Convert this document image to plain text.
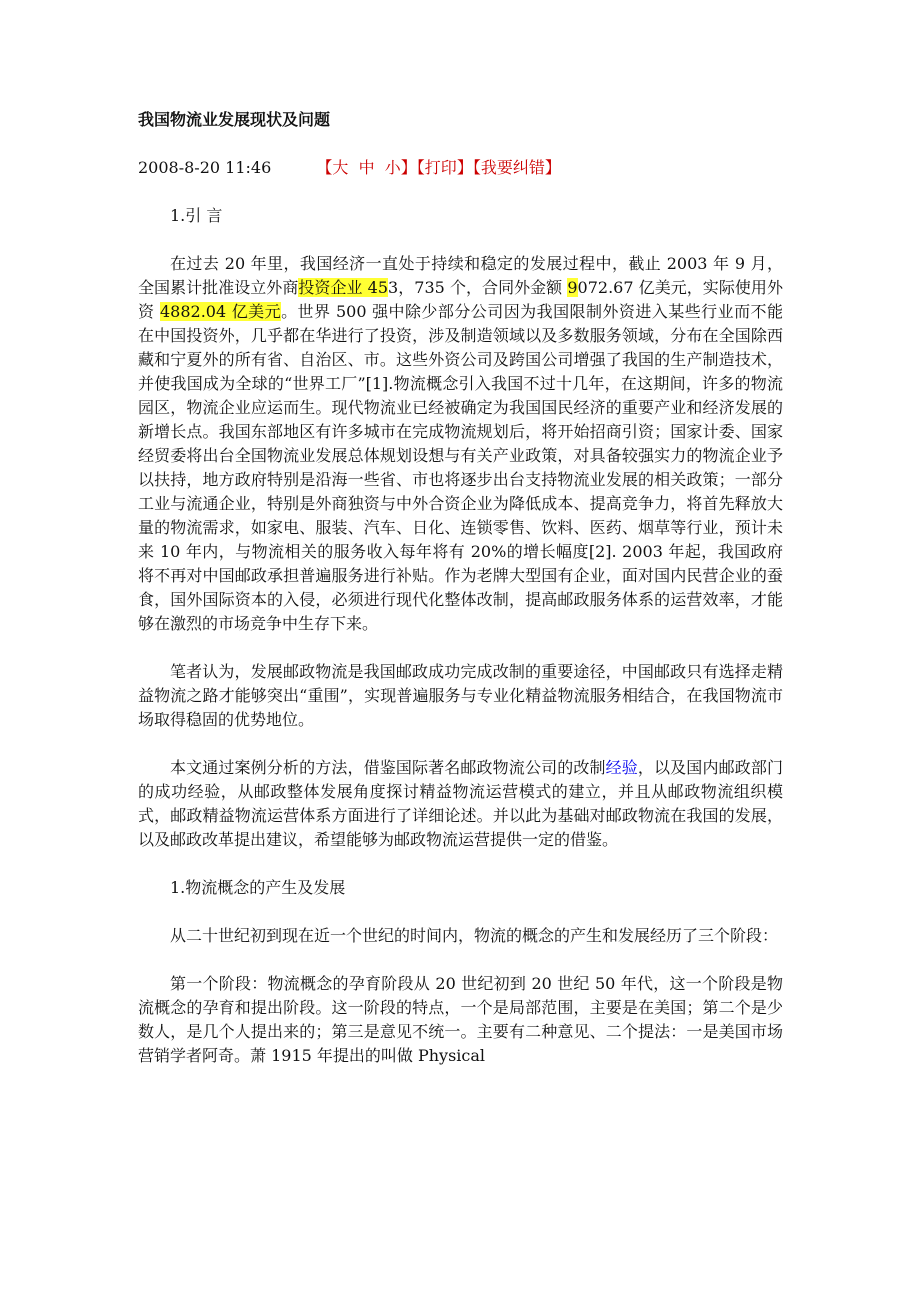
我国物流业发展现状及问题
2008-8-20 11:46	【大 中 小】【打印】【我要纠错】

1.引 言

在过去 20 年里，我国经济一直处于持续和稳定的发展过程中，截止 2003 年 9 月，全国累计批准设立外商投资企业 453，735 个，合同外金额 9072.67 亿美元，实际使用外资 4882.04 亿美元。世界 500 强中除少部分公司因为我国限制外资进入某些行业而不能在中国投资外，几乎都在华进行了投资，涉及制造领域以及多数服务领域，分布在全国除西藏和宁夏外的所有省、自治区、市。这些外资公司及跨国公司增强了我国的生产制造技术，并使我国成为全球的“世界工厂”[1].物流概念引入我国不过十几年，在这期间，许多的物流园区，物流企业应运而生。现代物流业已经被确定为我国国民经济的重要产业和经济发展的新增长点。我国东部地区有许多城市在完成物流规划后，将开始招商引资；国家计委、国家经贸委将出台全国物流业发展总体规划设想与有关产业政策，对具备较强实力的物流企业予以扶持，地方政府特别是沿海一些省、市也将逐步出台支持物流业发展的相关政策；一部分工业与流通企业，特别是外商独资与中外合资企业为降低成本、提高竞争力，将首先释放大量的物流需求，如家电、服装、汽车、日化、连锁零售、饮料、医药、烟草等行业，预计未来 10 年内，与物流相关的服务收入每年将有 20%的增长幅度[2]. 2003 年起，我国政府将不再对中国邮政承担普遍服务进行补贴。作为老牌大型国有企业，面对国内民营企业的蚕食，国外国际资本的入侵，必须进行现代化整体改制，提高邮政服务体系的运营效率，才能够在激烈的市场竞争中生存下来。

笔者认为，发展邮政物流是我国邮政成功完成改制的重要途径，中国邮政只有选择走精益物流之路才能够突出“重围”，实现普遍服务与专业化精益物流服务相结合，在我国物流市场取得稳固的优势地位。

本文通过案例分析的方法，借鉴国际著名邮政物流公司的改制经验，以及国内邮政部门的成功经验，从邮政整体发展角度探讨精益物流运营模式的建立，并且从邮政物流组织模式，邮政精益物流运营体系方面进行了详细论述。并以此为基础对邮政物流在我国的发展，以及邮政改革提出建议，希望能够为邮政物流运营提供一定的借鉴。

1.物流概念的产生及发展

从二十世纪初到现在近一个世纪的时间内，物流的概念的产生和发展经历了三个阶段：

第一个阶段：物流概念的孕育阶段从 20 世纪初到 20 世纪 50 年代，这一个阶段是物流概念的孕育和提出阶段。这一阶段的特点，一个是局部范围，主要是在美国；第二个是少数人，是几个人提出来的；第三是意见不统一。主要有二种意见、二个提法：一是美国市场营销学者阿奇。萧 1915 年提出的叫做 Physical
